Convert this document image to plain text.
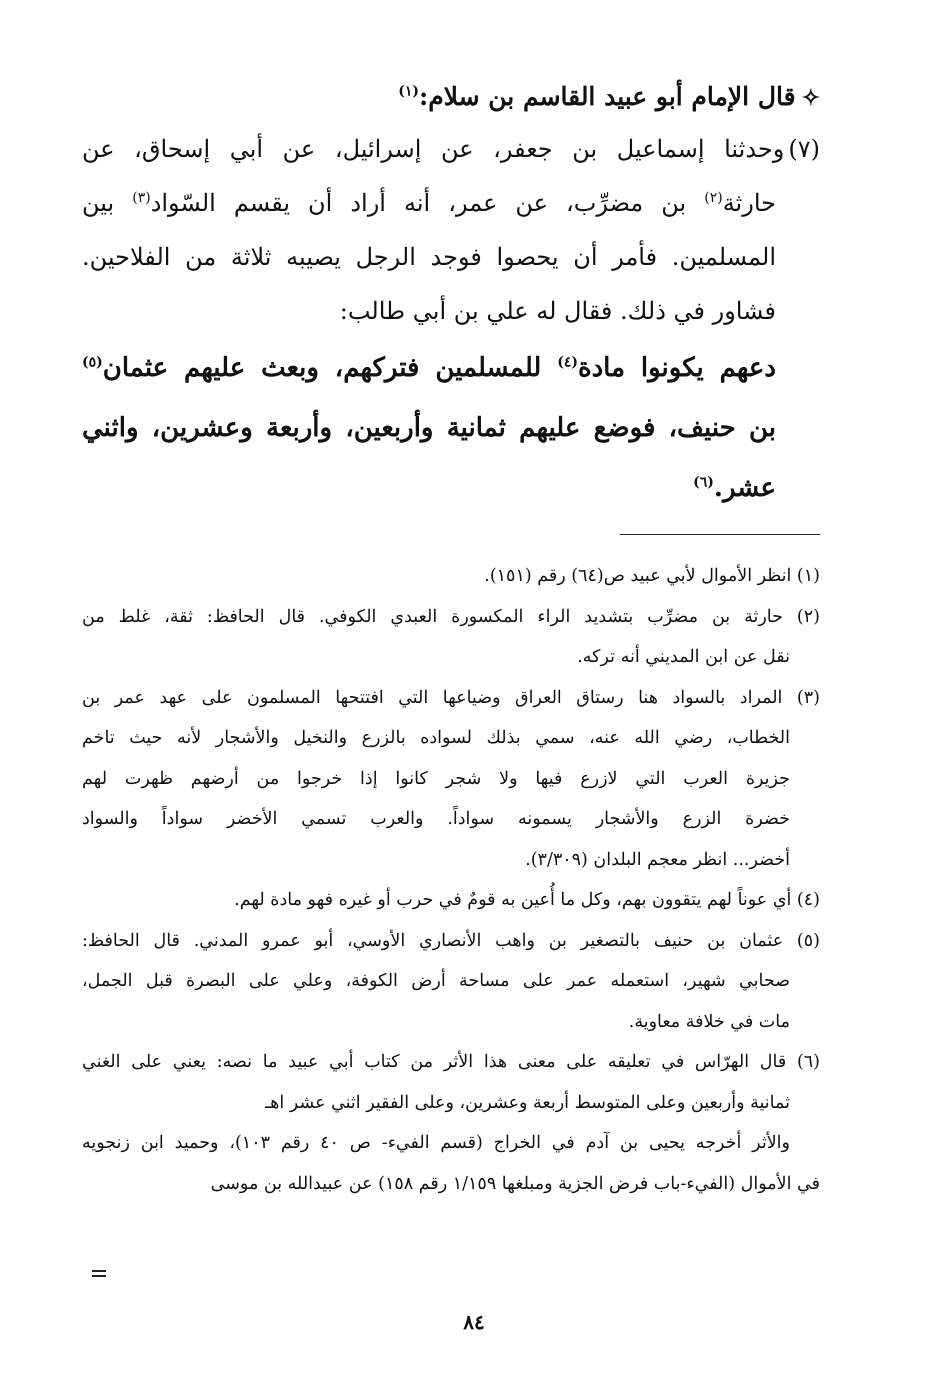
✧قال الإمام أبو عبيد القاسم بن سلام:$^{(١)}$
(٧)وحدثنا إسماعيل بن جعفر، عن إسرائيل، عن أبي إسحاق، عن
حارثة$^{(٢)}$ بن مضرِّب، عن عمر، أنه أراد أن يقسم السّواد$^{(٣)}$ بين
المسلمين. فأمر أن يحصوا فوجد الرجل يصيبه ثلاثة من الفلاحين.
فشاور في ذلك. فقال له علي بن أبي طالب:
دعهم يكونوا مادة$^{(٤)}$ للمسلمين فتركهم، وبعث عليهم عثمان$^{(٥)}$
بن حنيف، فوضع عليهم ثمانية وأربعين، وأربعة وعشرين، واثني
عشر.$^{(٦)}$
(١) انظر الأموال لأبي عبيد ص(٦٤) رقم (١٥١).
(٢) حارثة بن مضرِّب بتشديد الراء المكسورة العبدي الكوفي. قال الحافظ: ثقة، غلط من
نقل عن ابن المديني أنه تركه.
(٣) المراد بالسواد هنا رستاق العراق وضياعها التي افتتحها المسلمون على عهد عمر بن
الخطاب، رضي الله عنه، سمي بذلك لسواده بالزرع والنخيل والأشجار لأنه حيث تاخم
جزيرة العرب التي لازرع فيها ولا شجر كانوا إذا خرجوا من أرضهم ظهرت لهم
خضرة الزرع والأشجار يسمونه سواداً. والعرب تسمي الأخضر سواداً والسواد
أخضر... انظر معجم البلدان (٣/٣٠٩).
(٤) أي عوناً لهم يتقوون بهم، وكل ما أُعين به قومٌ في حرب أو غيره فهو مادة لهم.
(٥) عثمان بن حنيف بالتصغير بن واهب الأنصاري الأوسي، أبو عمرو المدني. قال الحافظ:
صحابي شهير، استعمله عمر على مساحة أرض الكوفة، وعلي على البصرة قبل الجمل،
مات في خلافة معاوية.
(٦) قال الهرّاس في تعليقه على معنى هذا الأثر من كتاب أبي عبيد ما نصه: يعني على الغني
ثمانية وأربعين وعلى المتوسط أربعة وعشرين، وعلى الفقير اثني عشر اهـ
والأثر أخرجه يحيى بن آدم في الخراج (قسم الفيء- ص ٤٠ رقم ١٠٣)، وحميد ابن زنجويه
في الأموال (الفيء-باب فرض الجزية ومبلغها ١/١٥٩ رقم ١٥٨) عن عبيدالله بن موسى
٨٤
